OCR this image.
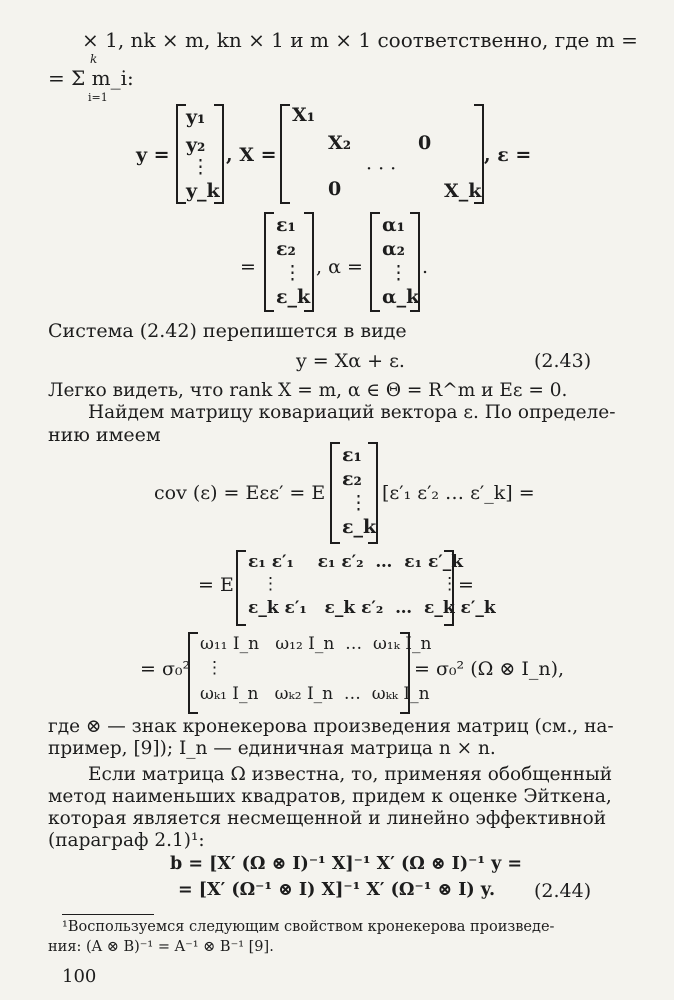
× 1, nk × m, kn × 1 и m × 1 соответственно, где m =
k
= Σ m_i:
i=1
y =
y₁
y₂
⋮
y_k
, X =
X₁
X₂	0
· · ·
0	X_k
, ε =
=
ε₁
ε₂
⋮
ε_k
, α =
α₁
α₂
⋮
α_k
.
Система (2.42) перепишется в виде
y = Xα + ε.	(2.43)
Легко видеть, что rank X = m, α ∈ Θ = R^m и Eε = 0.
Найдем матрицу ковариаций вектора ε. По определе-
нию имеем
cov (ε) = Eεε′ = E
ε₁
ε₂
⋮
ε_k
[ε′₁ ε′₂ … ε′_k] =
= E
ε₁ ε′₁    ε₁ ε′₂  …  ε₁ ε′_k
⋮                              ⋮
ε_k ε′₁   ε_k ε′₂  …  ε_k ε′_k
=
= σ₀²
ω₁₁ I_n   ω₁₂ I_n  …  ω₁ₖ I_n
⋮
ωₖ₁ I_n   ωₖ₂ I_n  …  ωₖₖ I_n
= σ₀² (Ω ⊗ I_n),
где ⊗ — знак кронекерова произведения матриц (см., на-
пример, [9]); I_n — единичная матрица n × n.
Если матрица Ω известна, то, применяя обобщенный
метод наименьших квадратов, придем к оценке Эйткена,
которая является несмещенной и линейно эффективной
(параграф 2.1)¹:
b = [X′ (Ω ⊗ I)⁻¹ X]⁻¹ X′ (Ω ⊗ I)⁻¹ y =
= [X′ (Ω⁻¹ ⊗ I) X]⁻¹ X′ (Ω⁻¹ ⊗ I) y. (2.44)
¹Воспользуемся следующим свойством кронекерова произведе-
ния: (A ⊗ B)⁻¹ = A⁻¹ ⊗ B⁻¹ [9].
100
